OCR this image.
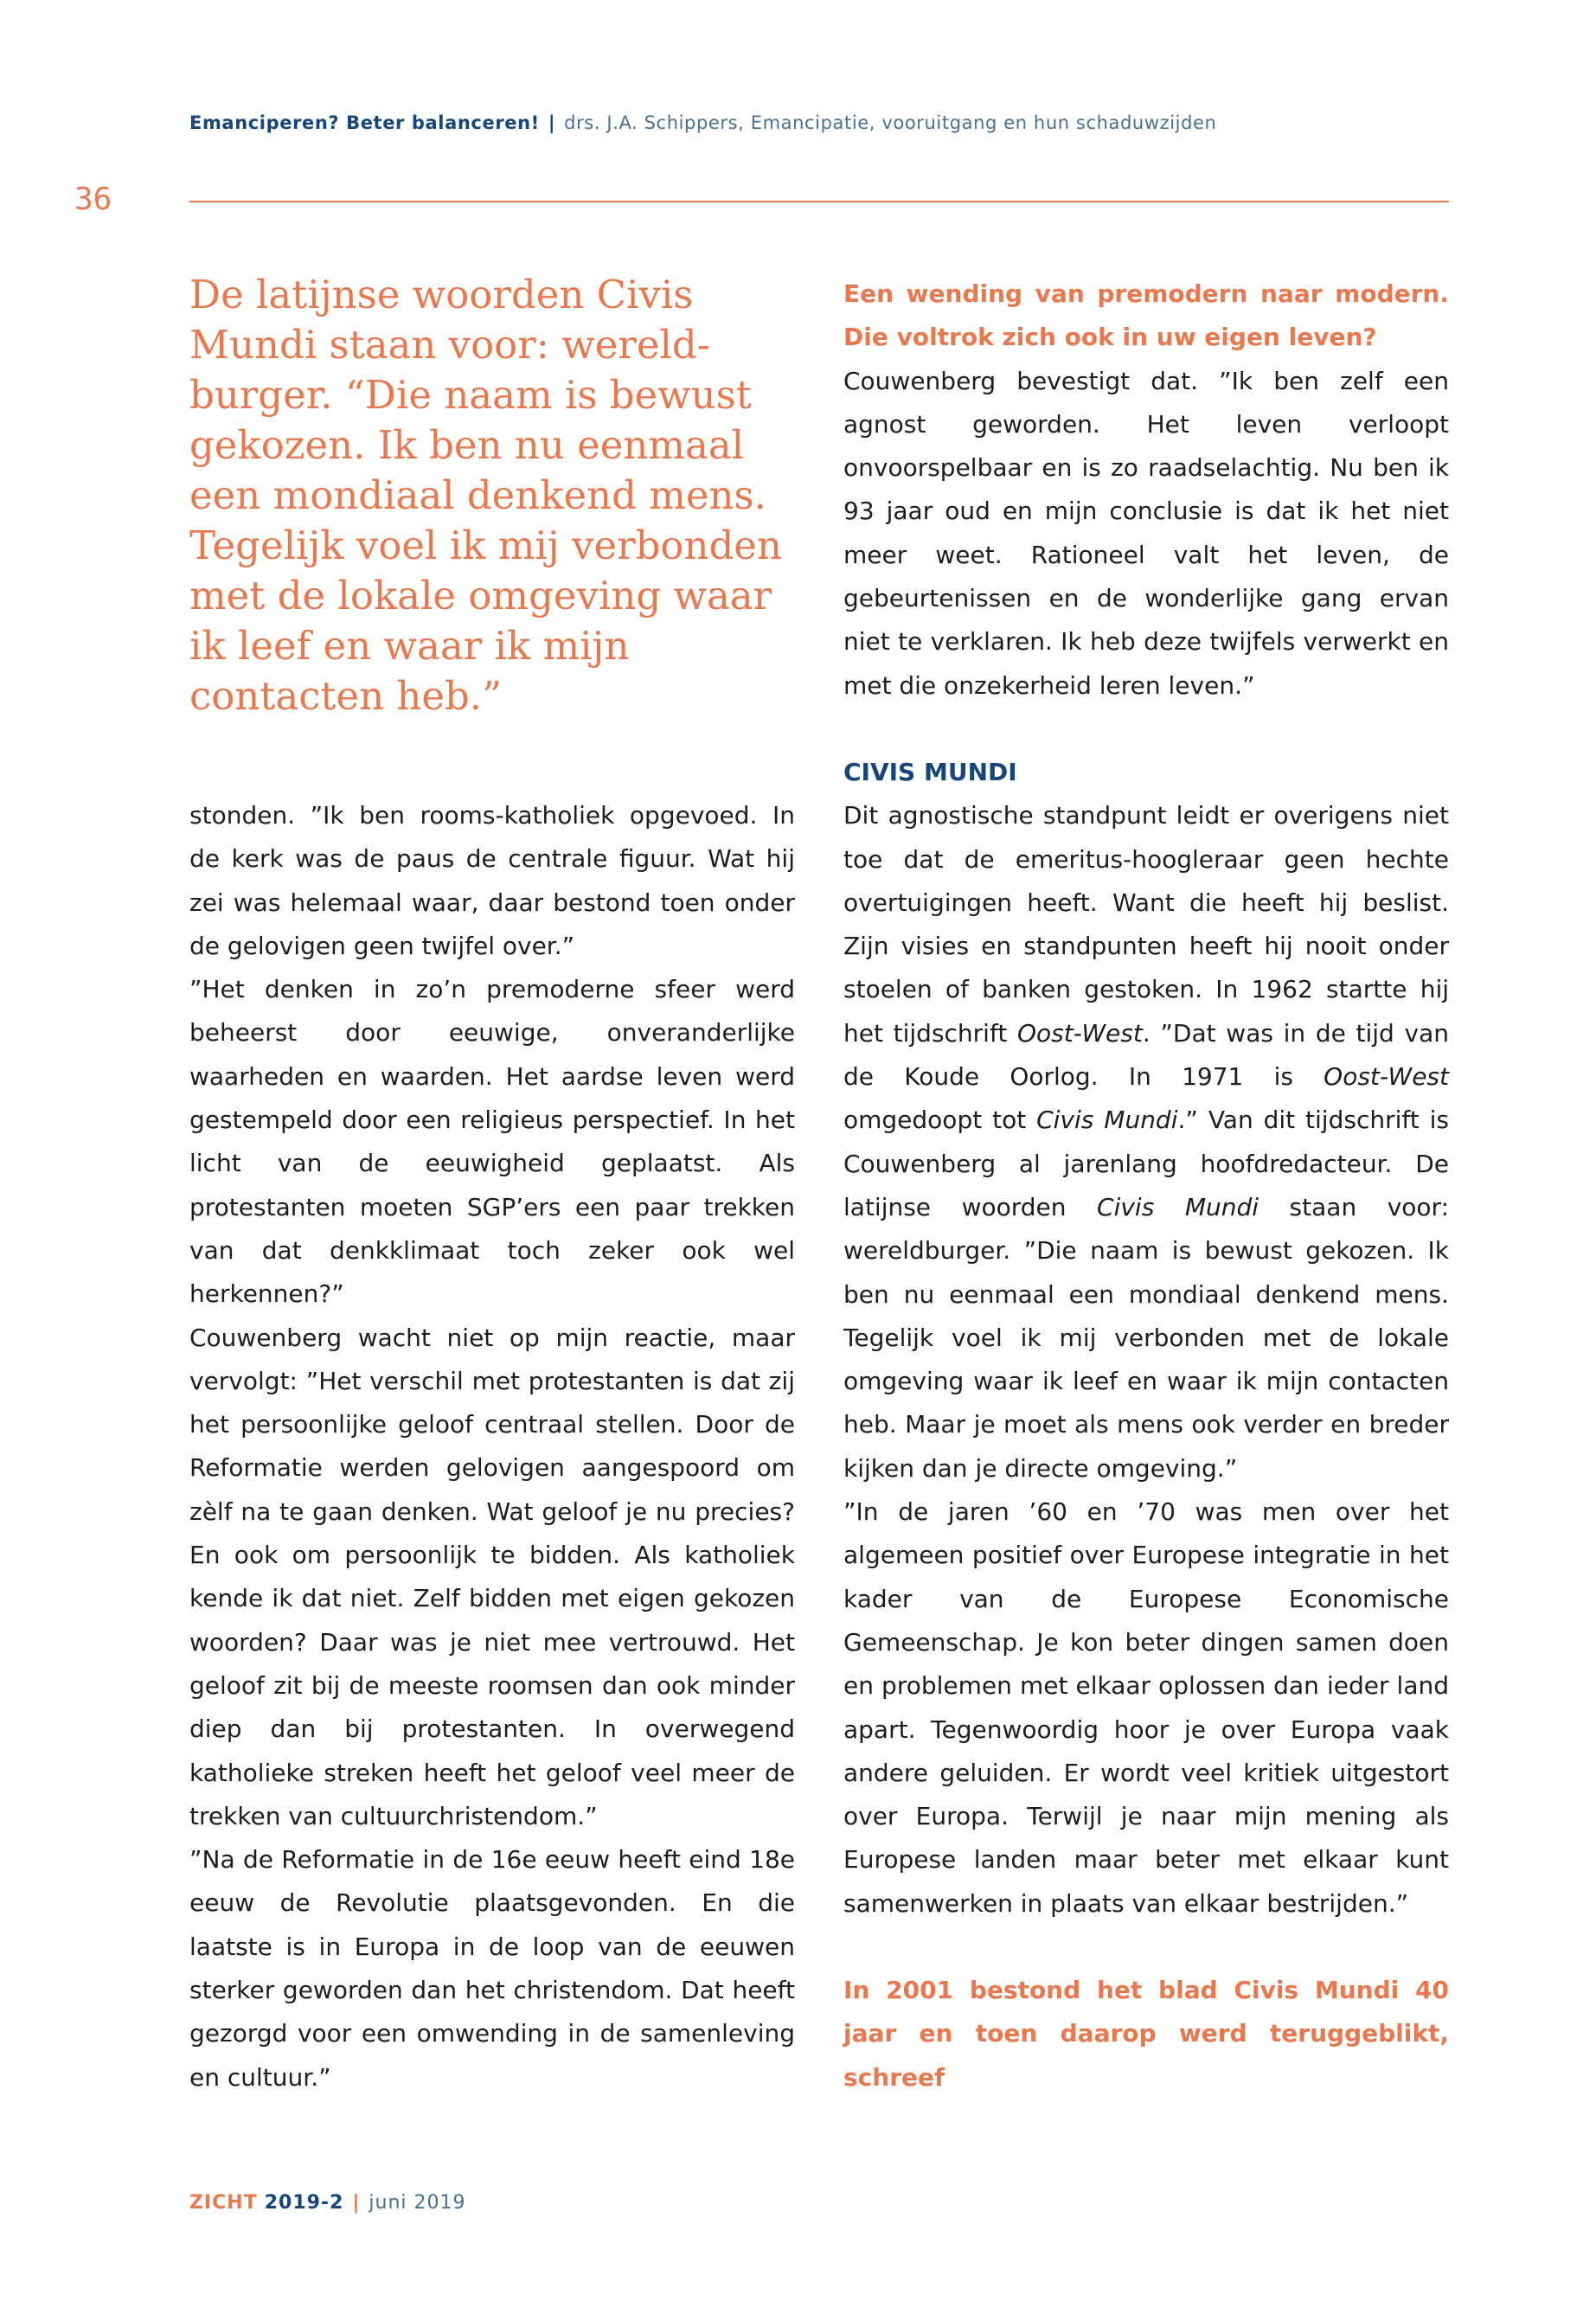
Emanciperen? Beter balanceren! | drs. J.A. Schippers, Emancipatie, vooruitgang en hun schaduwzijden
36
De latijnse woorden Civis Mundi staan voor: wereldburger. “Die naam is bewust gekozen. Ik ben nu eenmaal een mondiaal denkend mens. Tegelijk voel ik mij verbonden met de lokale omgeving waar ik leef en waar ik mijn contacten heb.”

stonden. ”Ik ben rooms-katholiek opgevoed. In de kerk was de paus de centrale figuur. Wat hij zei was helemaal waar, daar bestond toen onder de gelovigen geen twijfel over.”

”Het denken in zo’n premoderne sfeer werd beheerst door eeuwige, onveranderlijke waarheden en waarden. Het aardse leven werd gestempeld door een religieus perspectief. In het licht van de eeuwigheid geplaatst. Als protestanten moeten SGP’ers een paar trekken van dat denkklimaat toch zeker ook wel herkennen?”

Couwenberg wacht niet op mijn reactie, maar vervolgt: ”Het verschil met protestanten is dat zij het persoonlijke geloof centraal stellen. Door de Reformatie werden gelovigen aangespoord om zèlf na te gaan denken. Wat geloof je nu precies? En ook om persoonlijk te bidden. Als katholiek kende ik dat niet. Zelf bidden met eigen gekozen woorden? Daar was je niet mee vertrouwd. Het geloof zit bij de meeste roomsen dan ook minder diep dan bij protestanten. In overwegend katholieke streken heeft het geloof veel meer de trekken van cultuurchristendom.”

”Na de Reformatie in de 16e eeuw heeft eind 18e eeuw de Revolutie plaatsgevonden. En die laatste is in Europa in de loop van de eeuwen sterker geworden dan het christendom. Dat heeft gezorgd voor een omwending in de samenleving en cultuur.”

Een wending van premodern naar modern. Die voltrok zich ook in uw eigen leven?

Couwenberg bevestigt dat. ”Ik ben zelf een agnost geworden. Het leven verloopt onvoorspelbaar en is zo raadselachtig. Nu ben ik 93 jaar oud en mijn conclusie is dat ik het niet meer weet. Rationeel valt het leven, de gebeurtenissen en de wonderlijke gang ervan niet te verklaren. Ik heb deze twijfels verwerkt en met die onzekerheid leren leven.”

CIVIS MUNDI

Dit agnostische standpunt leidt er overigens niet toe dat de emeritus-hoogleraar geen hechte overtuigingen heeft. Want die heeft hij beslist. Zijn visies en standpunten heeft hij nooit onder stoelen of banken gestoken. In 1962 startte hij het tijdschrift Oost-West. ”Dat was in de tijd van de Koude Oorlog. In 1971 is Oost-West omgedoopt tot Civis Mundi.” Van dit tijdschrift is Couwenberg al jarenlang hoofdredacteur. De latijnse woorden Civis Mundi staan voor: wereldburger. ”Die naam is bewust gekozen. Ik ben nu eenmaal een mondiaal denkend mens. Tegelijk voel ik mij verbonden met de lokale omgeving waar ik leef en waar ik mijn contacten heb. Maar je moet als mens ook verder en breder kijken dan je directe omgeving.”

”In de jaren ’60 en ’70 was men over het algemeen positief over Europese integratie in het kader van de Europese Economische Gemeenschap. Je kon beter dingen samen doen en problemen met elkaar oplossen dan ieder land apart. Tegenwoordig hoor je over Europa vaak andere geluiden. Er wordt veel kritiek uitgestort over Europa. Terwijl je naar mijn mening als Europese landen maar beter met elkaar kunt samenwerken in plaats van elkaar bestrijden.”

In 2001 bestond het blad Civis Mundi 40 jaar en toen daarop werd teruggeblikt, schreef

ZICHT 2019-2 | juni 2019
